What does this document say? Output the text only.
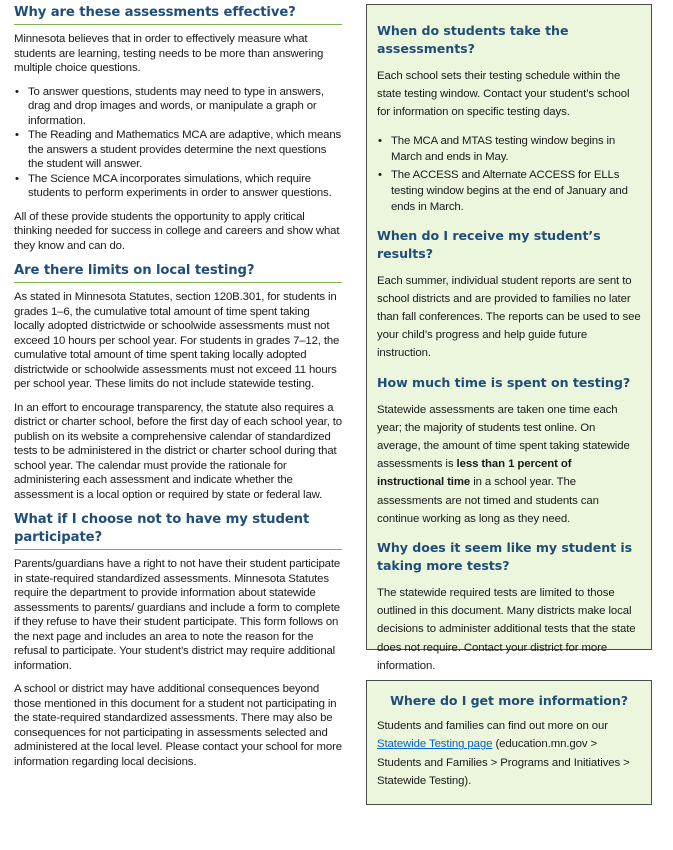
Why are these assessments effective?

Minnesota believes that in order to effectively measure what students are learning, testing needs to be more than answering multiple choice questions.

• To answer questions, students may need to type in answers, drag and drop images and words, or manipulate a graph or information.
• The Reading and Mathematics MCA are adaptive, which means the answers a student provides determine the next questions the student will answer.
• The Science MCA incorporates simulations, which require students to perform experiments in order to answer questions.

All of these provide students the opportunity to apply critical thinking needed for success in college and careers and show what they know and can do.

Are there limits on local testing?

As stated in Minnesota Statutes, section 120B.301, for students in grades 1–6, the cumulative total amount of time spent taking locally adopted districtwide or schoolwide assessments must not exceed 10 hours per school year. For students in grades 7–12, the cumulative total amount of time spent taking locally adopted districtwide or schoolwide assessments must not exceed 11 hours per school year. These limits do not include statewide testing.

In an effort to encourage transparency, the statute also requires a district or charter school, before the first day of each school year, to publish on its website a comprehensive calendar of standardized tests to be administered in the district or charter school during that school year. The calendar must provide the rationale for administering each assessment and indicate whether the assessment is a local option or required by state or federal law.

What if I choose not to have my student participate?

Parents/guardians have a right to not have their student participate in state-required standardized assessments. Minnesota Statutes require the department to provide information about statewide assessments to parents/ guardians and include a form to complete if they refuse to have their student participate. This form follows on the next page and includes an area to note the reason for the refusal to participate. Your student’s district may require additional information.

A school or district may have additional consequences beyond those mentioned in this document for a student not participating in the state-required standardized assessments. There may also be consequences for not participating in assessments selected and administered at the local level. Please contact your school for more information regarding local decisions.

When do students take the assessments?

Each school sets their testing schedule within the state testing window. Contact your student’s school for information on specific testing days.

• The MCA and MTAS testing window begins in March and ends in May.
• The ACCESS and Alternate ACCESS for ELLs testing window begins at the end of January and ends in March.
When do I receive my student’s results?

Each summer, individual student reports are sent to school districts and are provided to families no later than fall conferences. The reports can be used to see your child’s progress and help guide future instruction.

How much time is spent on testing?

Statewide assessments are taken one time each year; the majority of students test online. On average, the amount of time spent taking statewide assessments is less than 1 percent of instructional time in a school year. The assessments are not timed and students can continue working as long as they need.

Why does it seem like my student is taking more tests?

The statewide required tests are limited to those outlined in this document. Many districts make local decisions to administer additional tests that the state does not require. Contact your district for more information.

Where do I get more information?

Students and families can find out more on our Statewide Testing page (education.mn.gov > Students and Families > Programs and Initiatives > Statewide Testing).
